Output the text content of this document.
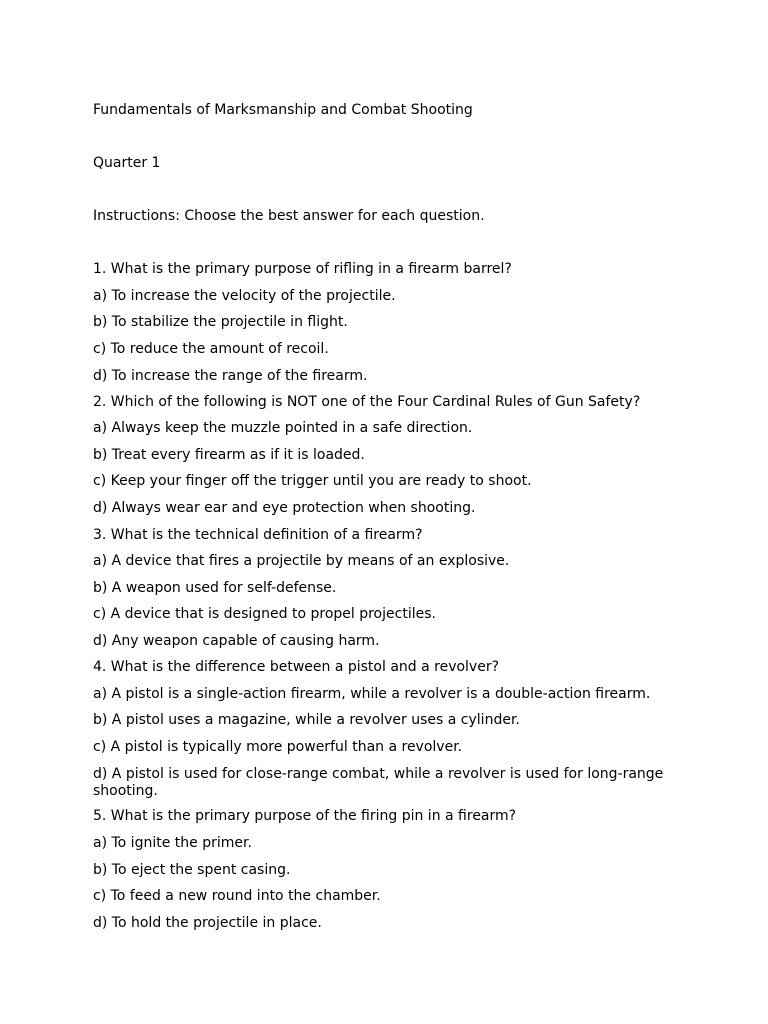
Fundamentals of Marksmanship and Combat Shooting

Quarter 1

Instructions: Choose the best answer for each question.

1. What is the primary purpose of rifling in a firearm barrel?

a) To increase the velocity of the projectile.

b) To stabilize the projectile in flight.

c) To reduce the amount of recoil.

d) To increase the range of the firearm.

2. Which of the following is NOT one of the Four Cardinal Rules of Gun Safety?

a) Always keep the muzzle pointed in a safe direction.

b) Treat every firearm as if it is loaded.

c) Keep your finger off the trigger until you are ready to shoot.

d) Always wear ear and eye protection when shooting.

3. What is the technical definition of a firearm?

a) A device that fires a projectile by means of an explosive.

b) A weapon used for self-defense.

c) A device that is designed to propel projectiles.

d) Any weapon capable of causing harm.

4. What is the difference between a pistol and a revolver?

a) A pistol is a single-action firearm, while a revolver is a double-action firearm.

b) A pistol uses a magazine, while a revolver uses a cylinder.

c) A pistol is typically more powerful than a revolver.

d) A pistol is used for close-range combat, while a revolver is used for long-range shooting.

5. What is the primary purpose of the firing pin in a firearm?

a) To ignite the primer.

b) To eject the spent casing.

c) To feed a new round into the chamber.

d) To hold the projectile in place.
